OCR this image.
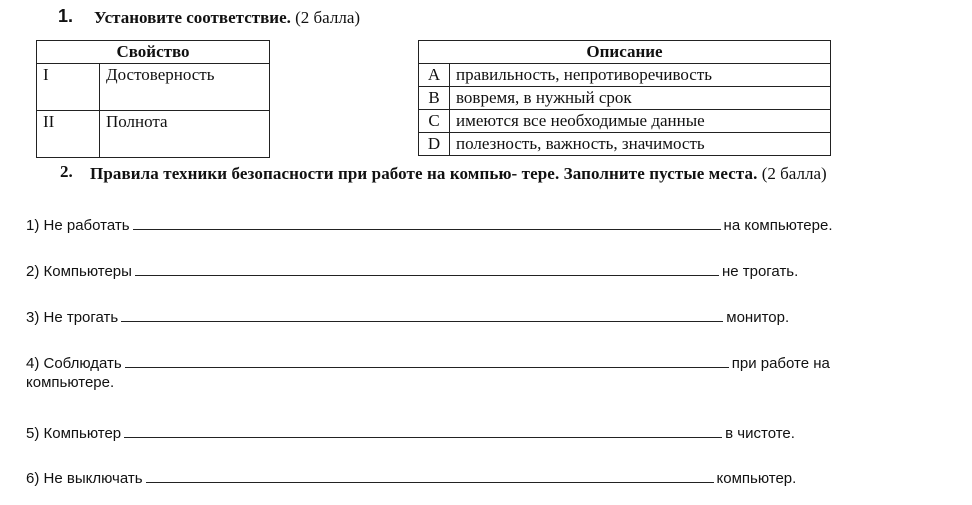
1. Установите соответствие. (2 балла)
Свойство	
I	Достоверность
II	Полнота
Описание	
A	правильность, непротиворечивость
B	вовремя, в нужный срок
C	имеются все необходимые данные
D	полезность, важность, значимость
2. Правила техники безопасности при работе на компью- тере. Заполните пустые места. (2 балла)
1) Не работать	на компьютере.
2) Компьютеры	не трогать.
3) Не трогать	монитор.
4) Соблюдать	при работе на
компьютере.
5) Компьютер	в чистоте.
6) Не выключать	компьютер.
